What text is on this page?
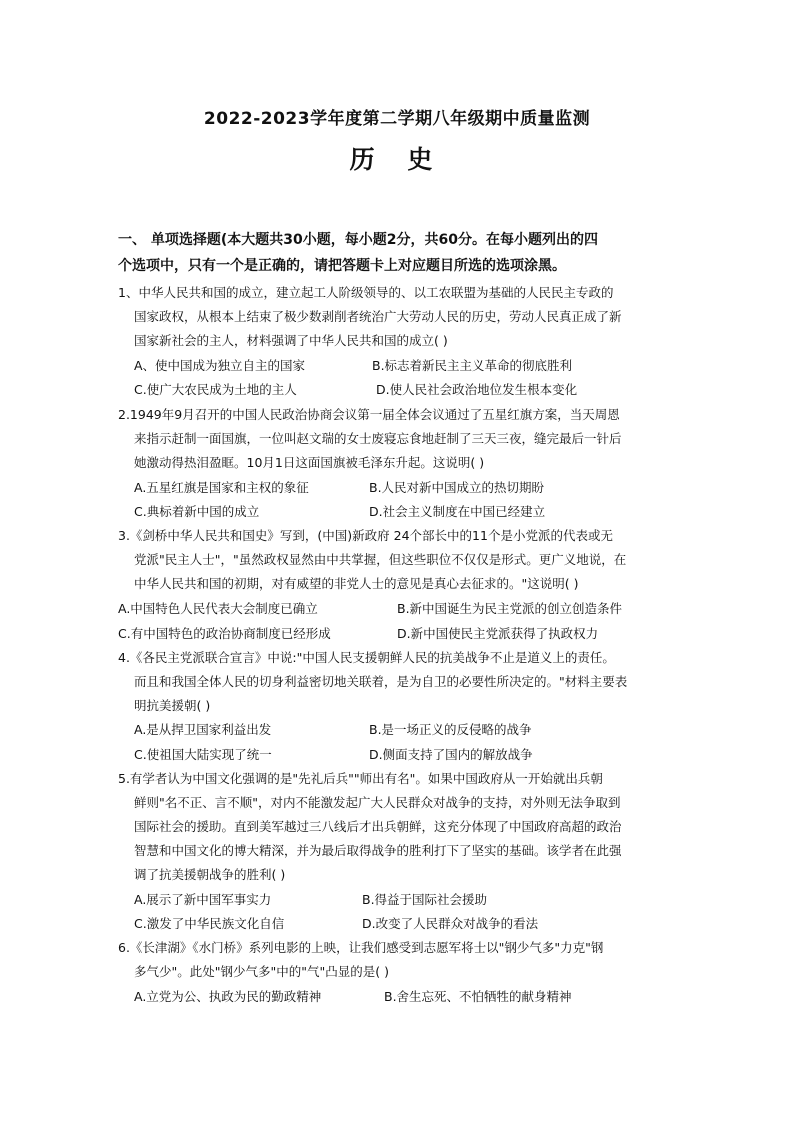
2022-2023学年度第二学期八年级期中质量监测
历 史
一、 单项选择题(本大题共30小题，每小题2分，共60分。在每小题列出的四
个选项中，只有一个是正确的，请把答题卡上对应题目所选的选项涂黑。
1、中华人民共和国的成立，建立起工人阶级领导的、以工农联盟为基础的人民民主专政的
国家政权，从根本上结束了极少数剥削者统治广大劳动人民的历史，劳动人民真正成了新
国家新社会的主人，材料强调了中华人民共和国的成立( )
A、使中国成为独立自主的国家	B.标志着新民主主义革命的彻底胜利
C.使广大农民成为土地的主人	D.使人民社会政治地位发生根本变化
2.1949年9月召开的中国人民政治协商会议第一届全体会议通过了五星红旗方案，当天周恩
来指示赶制一面国旗，一位叫赵文瑞的女士废寝忘食地赶制了三天三夜，缝完最后一针后
她激动得热泪盈眶。10月1日这面国旗被毛泽东升起。这说明( )
A.五星红旗是国家和主权的象征	B.人民对新中国成立的热切期盼
C.典标着新中国的成立	D.社会主义制度在中国已经建立
3.《剑桥中华人民共和国史》写到，(中国)新政府 24个部长中的11个是小党派的代表或无
党派"民主人士"，"虽然政权显然由中共掌握，但这些职位不仅仅是形式。更广义地说，在
中华人民共和国的初期，对有威望的非党人士的意见是真心去征求的。"这说明( )
A.中国特色人民代表大会制度已确立	B.新中国诞生为民主党派的创立创造条件
C.有中国特色的政治协商制度已经形成	D.新中国使民主党派获得了执政权力
4.《各民主党派联合宣言》中说:"中国人民支援朝鲜人民的抗美战争不止是道义上的责任。
而且和我国全体人民的切身利益密切地关联着，是为自卫的必要性所决定的。"材料主要表
明抗美援朝( )
A.是从捍卫国家利益出发	B.是一场正义的反侵略的战争
C.使祖国大陆实现了统一	D.侧面支持了国内的解放战争
5.有学者认为中国文化强调的是"先礼后兵""师出有名"。如果中国政府从一开始就出兵朝
鲜则"名不正、言不顺"，对内不能激发起广大人民群众对战争的支持，对外则无法争取到
国际社会的援助。直到美军越过三八线后才出兵朝鲜，这充分体现了中国政府高超的政治
智慧和中国文化的博大精深，并为最后取得战争的胜利打下了坚实的基础。该学者在此强
调了抗美援朝战争的胜利( )
A.展示了新中国军事实力	B.得益于国际社会援助
C.激发了中华民族文化自信	D.改变了人民群众对战争的看法
6.《长津湖》《水门桥》系列电影的上映，让我们感受到志愿军将士以"钢少气多"力克"钢
多气少"。此处"钢少气多"中的"气"凸显的是( )
A.立党为公、执政为民的勤政精神	B.舍生忘死、不怕牺牲的献身精神
